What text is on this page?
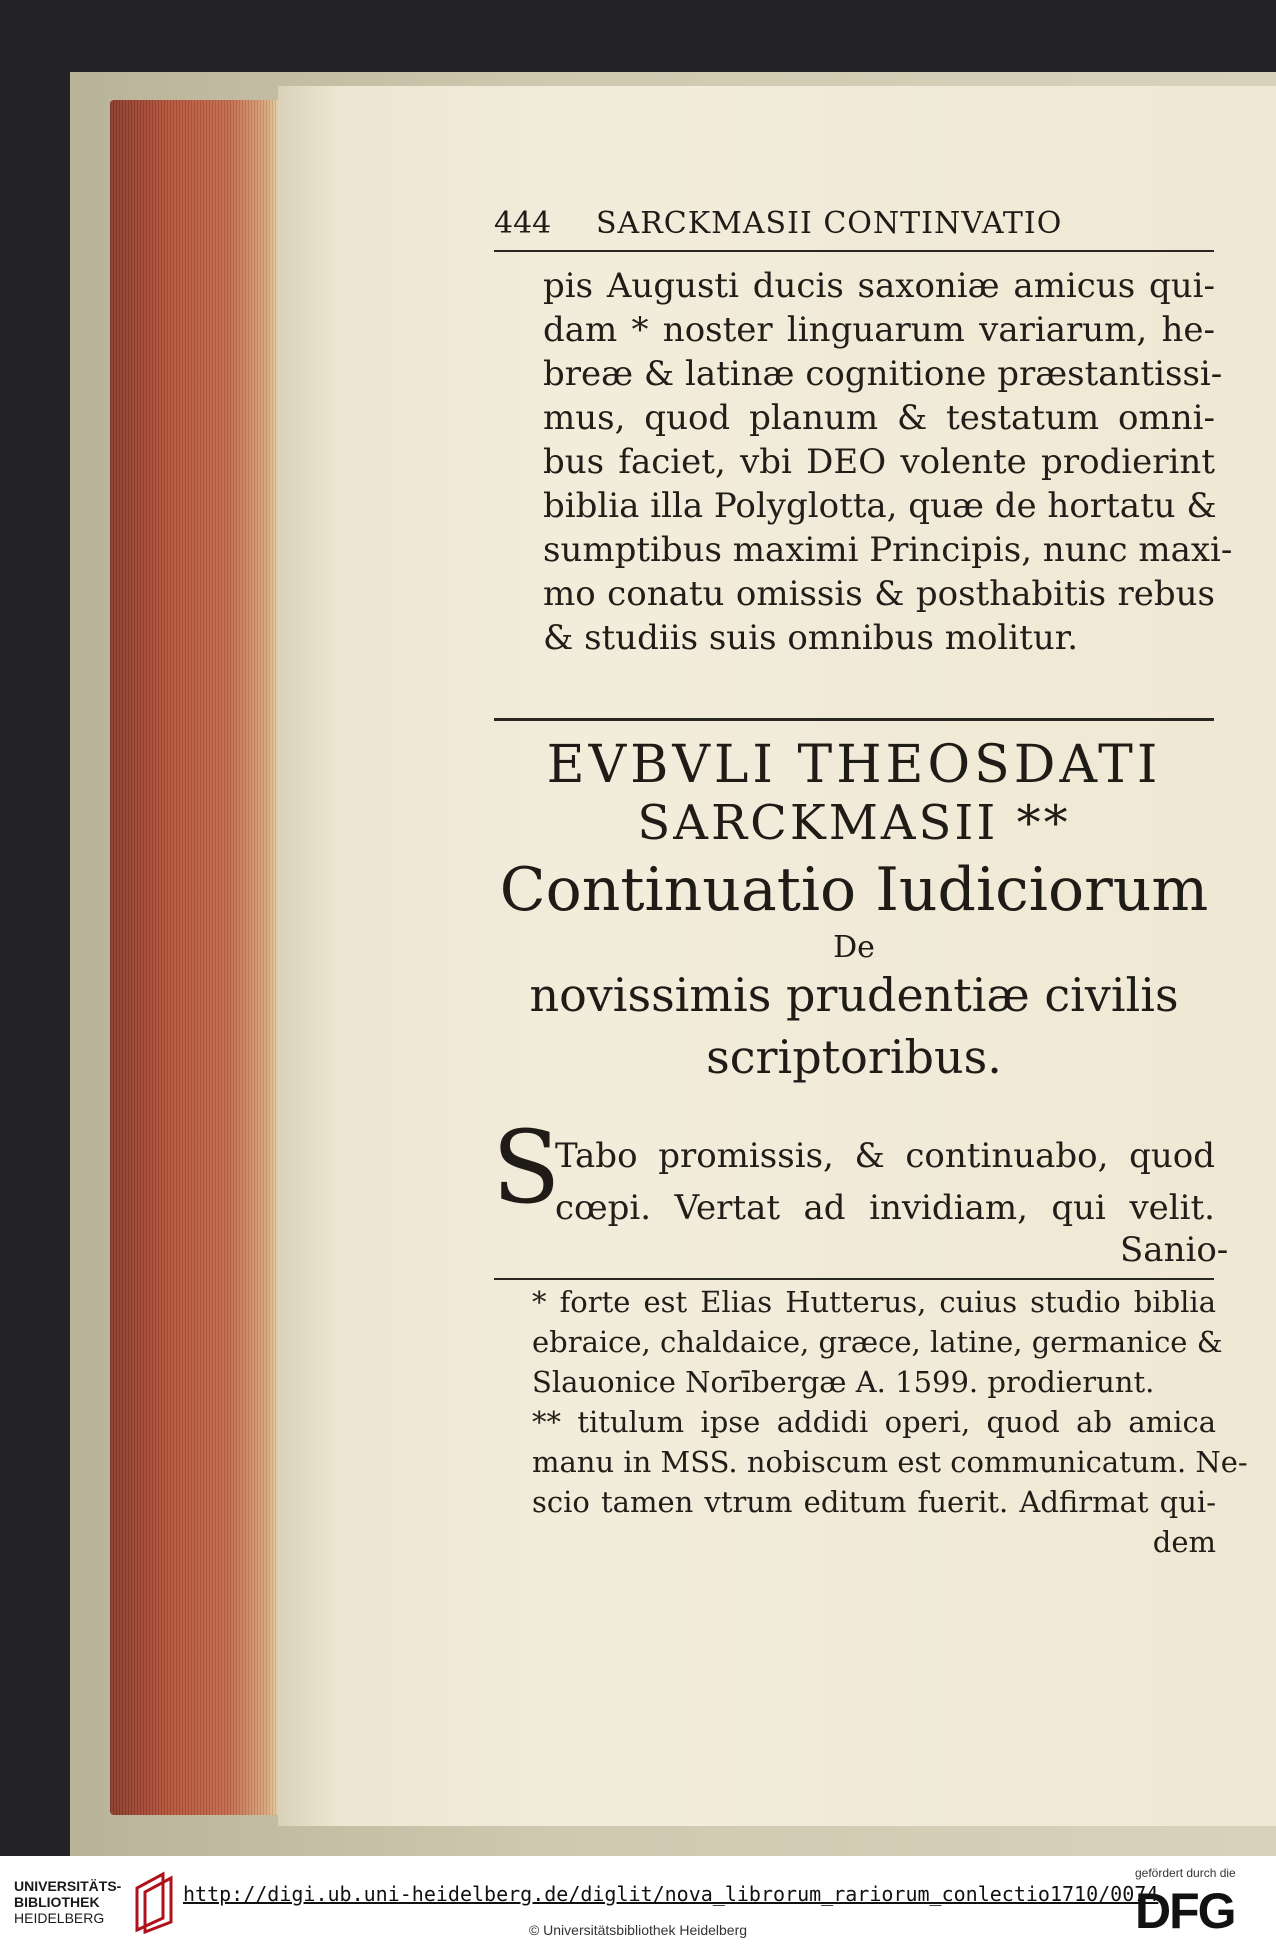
444 SARCKMASII CONTINVATIO
pis Augusti ducis saxoniæ amicus qui-
dam * noster linguarum variarum, he-
breæ & latinæ cognitione præstantissi-
mus, quod planum & testatum omni-
bus faciet, vbi DEO volente prodierint
biblia illa Polyglotta, quæ de hortatu &
sumptibus maximi Principis, nunc maxi-
mo conatu omissis & posthabitis rebus
& studiis suis omnibus molitur.
EVBVLI THEOSDATI
SARCKMASII **
Continuatio Iudiciorum
De
novissimis prudentiæ civilis
scriptoribus.
S
Tabo promissis, & continuabo, quod
cœpi. Vertat ad invidiam, qui velit.
Sanio-
* forte est Elias Hutterus, cuius studio biblia
ebraice, chaldaice, græce, latine, germanice &
Slauonice Norībergæ A. 1599. prodierunt.
** titulum ipse addidi operi, quod ab amica
manu in MSS. nobiscum est communicatum. Ne-
scio tamen vtrum editum fuerit. Adfirmat qui-
dem
UNIVERSITÄTS-
BIBLIOTHEK
HEIDELBERG
http://digi.ub.uni-heidelberg.de/diglit/nova_librorum_rariorum_conlectio1710/0074
© Universitätsbibliothek Heidelberg
gefördert durch die
DFG
